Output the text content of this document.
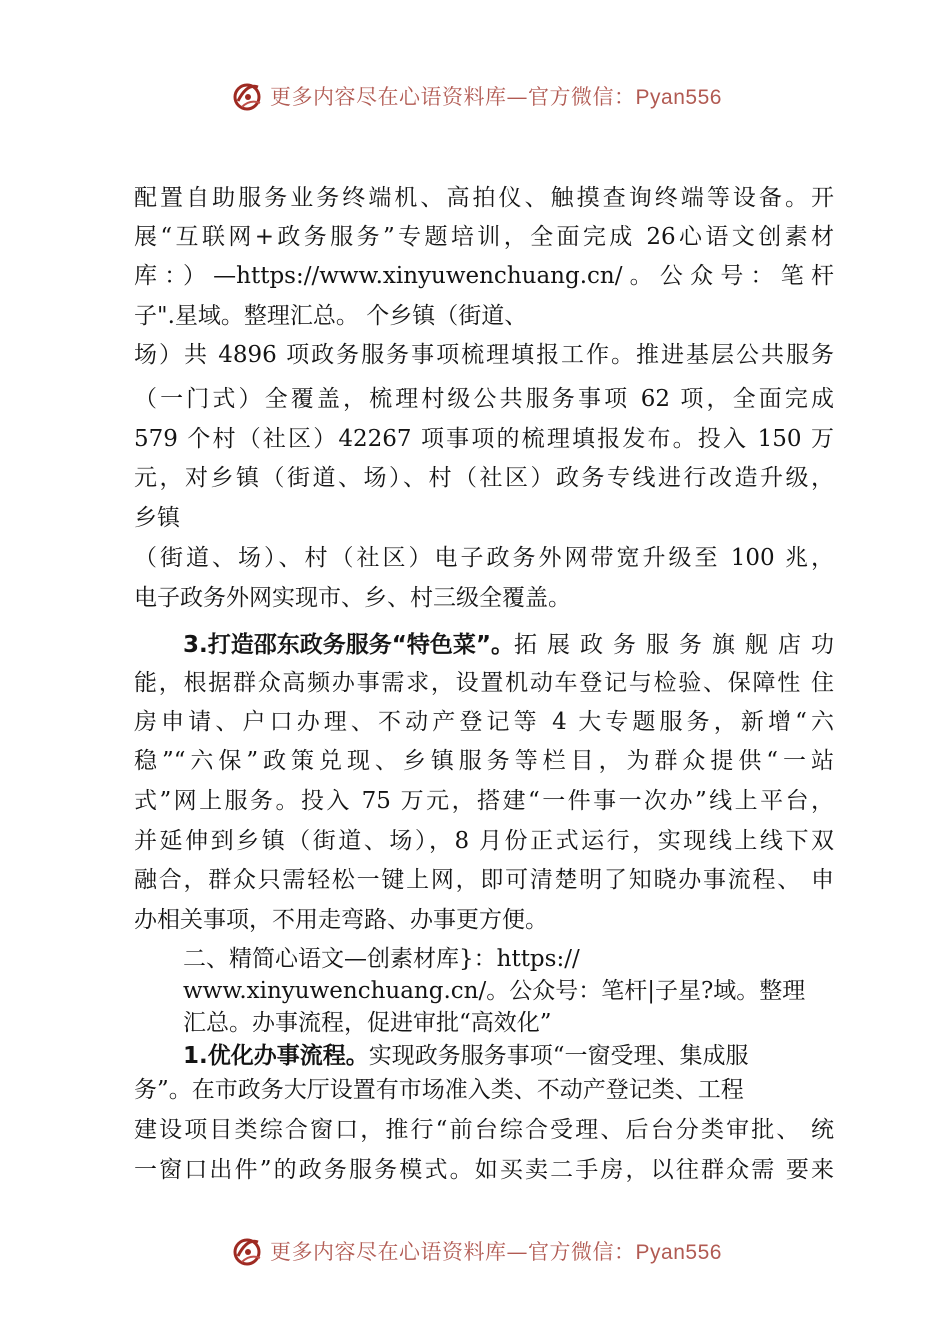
更多内容尽在心语资料库— 官方微信：Pyan556
配置自助服务业务终端机、高拍仪、触摸查询终端等设备。开
展“互联网+政务服务”专题培训，全面完成 26心语文创素材
库：）—https://www.xinyuwenchuang.cn/。公众号：笔杆
子".星域。整理汇总。 个乡镇（街道、
场）共 4896 项政务服务事项梳理填报工作。推进基层公共服务
（一门式）全覆盖，梳理村级公共服务事项 62 项，全面完成
579 个村（社区）42267 项事项的梳理填报发布。投入 150 万
元，对乡镇（街道、场）、村（社区）政务专线进行改造升级，
乡镇
（街道、场）、村（社区）电子政务外网带宽升级至 100 兆，
电子政务外网实现市、乡、村三级全覆盖。
3.打造邵东政务服务“特色菜”。 拓展政务服务旗舰店功
能，根据群众高频办事需求，设置机动车登记与检验、保障性 住
房申请、户口办理、不动产登记等 4 大专题服务，新增“六
稳”“六保”政策兑现、乡镇服务等栏目，为群众提供“一站
式”网上服务。投入 75 万元，搭建“一件事一次办”线上平台，
并延伸到乡镇（街道、场），8 月份正式运行，实现线上线下双
融合，群众只需轻松一键上网，即可清楚明了知晓办事流程、 申
办相关事项，不用走弯路、办事更方便。
二、精简心语文—创素材库}：https://
www.xinyuwenchuang.cn/。公众号：笔杆|子星?域。整理
汇总。办事流程，促进审批“高效化”
1.优化办事流程。实现政务服务事项“一窗受理、集成服
务”。在市政务大厅设置有市场准入类、不动产登记类、工程
建设项目类综合窗口，推行“前台综合受理、后台分类审批、 统
一窗口出件”的政务服务模式。如买卖二手房，以往群众需 要来
更多内容尽在心语资料库— 官方微信：Pyan556
